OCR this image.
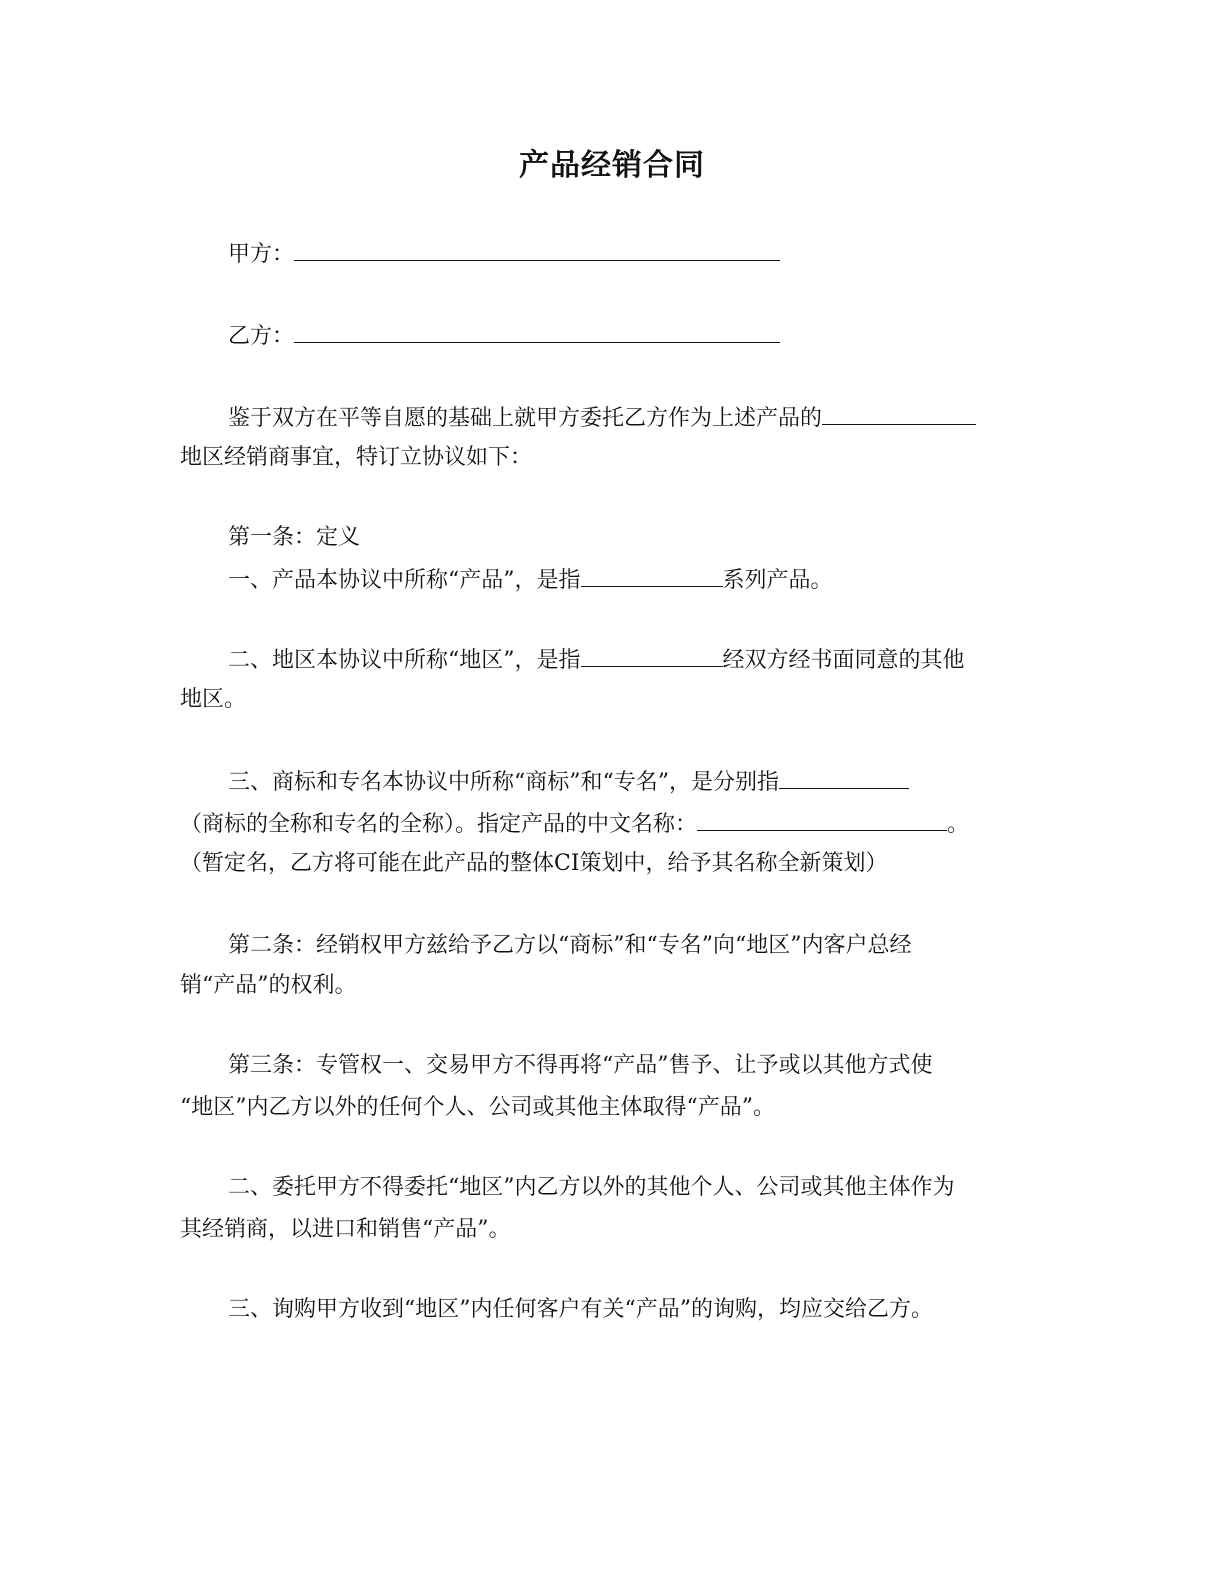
产品经销合同
甲方：
乙方：
鉴于双方在平等自愿的基础上就甲方委托乙方作为上述产品的
地区经销商事宜，特订立协议如下：
第一条：定义
一、产品本协议中所称“产品”，是指	系列产品。
二、地区本协议中所称“地区”，是指	经双方经书面同意的其他
地区。
三、商标和专名本协议中所称“商标”和“专名”，是分别指
（商标的全称和专名的全称）。指定产品的中文名称：	。
（暂定名，乙方将可能在此产品的整体CI策划中，给予其名称全新策划）
第二条：经销权甲方兹给予乙方以“商标”和“专名”向“地区”内客户总经
销“产品”的权利。
第三条：专管权一、交易甲方不得再将“产品”售予、让予或以其他方式使
“地区”内乙方以外的任何个人、公司或其他主体取得“产品”。
二、委托甲方不得委托“地区”内乙方以外的其他个人、公司或其他主体作为
其经销商，以进口和销售“产品”。
三、询购甲方收到“地区”内任何客户有关“产品”的询购，均应交给乙方。
